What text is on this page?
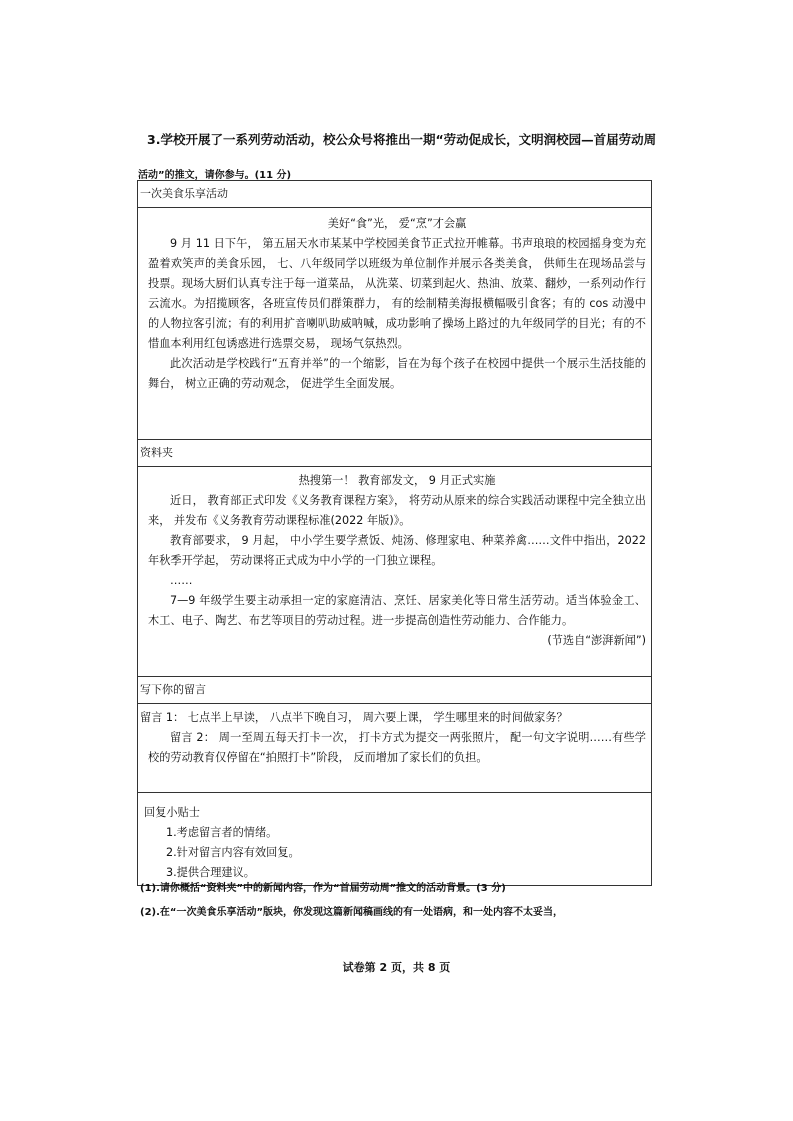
3.学校开展了一系列劳动活动，校公众号将推出一期“劳动促成长，文明润校园—首届劳动周
活动”的推文，请你参与。(11 分)
一次美食乐享活动

美好“食”光， 爱“烹”才会赢

9 月 11 日下午， 第五届天水市某某中学校园美食节正式拉开帷幕。书声琅琅的校园摇身变为充盈着欢笑声的美食乐园， 七、八年级同学以班级为单位制作并展示各类美食， 供师生在现场品尝与投票。现场大厨们认真专注于每一道菜品， 从洗菜、切菜到起火、热油、放菜、翻炒，一系列动作行云流水。为招揽顾客，各班宣传员们群策群力， 有的绘制精美海报横幅吸引食客；有的 cos 动漫中的人物拉客引流；有的利用扩音喇叭助威呐喊，成功影响了操场上路过的九年级同学的目光；有的不惜血本利用红包诱惑进行选票交易， 现场气氛热烈。

此次活动是学校践行“五育并举”的一个缩影，旨在为每个孩子在校园中提供一个展示生活技能的舞台， 树立正确的劳动观念， 促进学生全面发展。

资料夹

热搜第一！ 教育部发文， 9 月正式实施

近日， 教育部正式印发《义务教育课程方案》， 将劳动从原来的综合实践活动课程中完全独立出来， 并发布《义务教育劳动课程标准(2022 年版)》。

教育部要求， 9 月起， 中小学生要学煮饭、炖汤、修理家电、种菜养禽……文件中指出，2022 年秋季开学起， 劳动课将正式成为中小学的一门独立课程。

……

7—9 年级学生要主动承担一定的家庭清洁、烹饪、居家美化等日常生活劳动。适当体验金工、木工、电子、陶艺、布艺等项目的劳动过程。进一步提高创造性劳动能力、合作能力。

(节选自“澎湃新闻”)

写下你的留言

留言 1： 七点半上早读， 八点半下晚自习， 周六要上课， 学生哪里来的时间做家务？

留言 2： 周一至周五每天打卡一次， 打卡方式为提交一两张照片， 配一句文字说明……有些学校的劳动教育仅停留在“拍照打卡”阶段， 反而增加了家长们的负担。

回复小贴士

1.考虑留言者的情绪。

2.针对留言内容有效回复。

3.提供合理建议。

(1).请你概括“资料夹”中的新闻内容，作为“首届劳动周”推文的活动背景。(3 分)
(2).在“一次美食乐享活动”版块，你发现这篇新闻稿画线的有一处语病，和一处内容不太妥当，
试卷第 2 页，共 8 页
